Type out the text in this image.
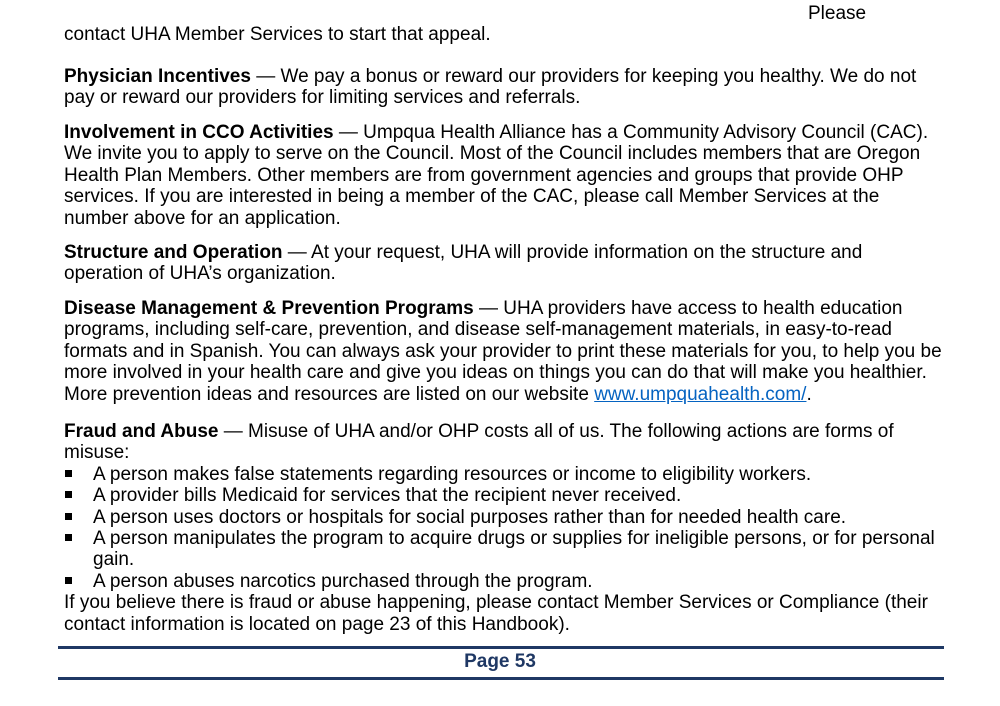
Please
contact UHA Member Services to start that appeal.

Physician Incentives — We pay a bonus or reward our providers for keeping you healthy. We do not pay or reward our providers for limiting services and referrals.

Involvement in CCO Activities — Umpqua Health Alliance has a Community Advisory Council (CAC). We invite you to apply to serve on the Council. Most of the Council includes members that are Oregon Health Plan Members. Other members are from government agencies and groups that provide OHP services. If you are interested in being a member of the CAC, please call Member Services at the number above for an application.

Structure and Operation — At your request, UHA will provide information on the structure and operation of UHA’s organization.

Disease Management & Prevention Programs — UHA providers have access to health education programs, including self-care, prevention, and disease self-management materials, in easy-to-read formats and in Spanish. You can always ask your provider to print these materials for you, to help you be more involved in your health care and give you ideas on things you can do that will make you healthier. More prevention ideas and resources are listed on our website www.umpquahealth.com/.

Fraud and Abuse — Misuse of UHA and/or OHP costs all of us. The following actions are forms of misuse:

A person makes false statements regarding resources or income to eligibility workers.
A provider bills Medicaid for services that the recipient never received.
A person uses doctors or hospitals for social purposes rather than for needed health care.
A person manipulates the program to acquire drugs or supplies for ineligible persons, or for personal gain.
A person abuses narcotics purchased through the program.

If you believe there is fraud or abuse happening, please contact Member Services or Compliance (their contact information is located on page 23 of this Handbook).

Page 53
